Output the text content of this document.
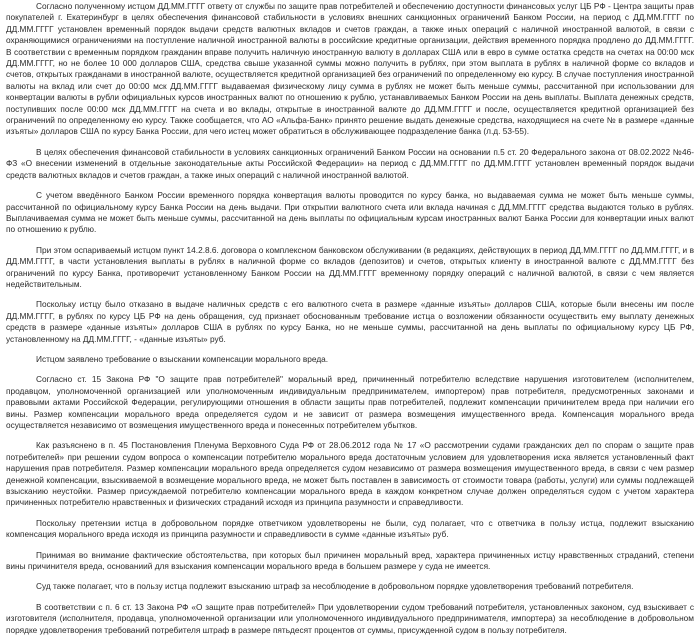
Согласно полученному истцом ДД.ММ.ГГГГ ответу от службы по защите прав потребителей и обеспечению доступности финансовых услуг ЦБ РФ - Центра защиты прав покупателей г. Екатеринбург в целях обеспечения финансовой стабильности в условиях внешних санкционных ограничений Банком России, на период с ДД.ММ.ГГГГ по ДД.ММ.ГГГГ установлен временный порядок выдачи средств валютных вкладов и счетов граждан, а также иных операций с наличной иностранной валютой, в связи с охраняющимися ограничениями на поступление наличной иностранной валюты в российские кредитные организации, действия временного порядка продлено до ДД.ММ.ГГГГ. В соответствии с временным порядком гражданин вправе получить наличную иностранную валюту в долларах США или в евро в сумме остатка средств на счетах на 00:00 мск ДД.ММ.ГГГГ, но не более 10 000 долларов США, средства свыше указанной суммы можно получить в рублях, при этом выплата в рублях в наличной форме со вкладов и счетов, открытых гражданами в иностранной валюте, осуществляется кредитной организацией без ограничений по определенному ею курсу. В случае поступления иностранной валюты на вклад или счет до 00:00 мск ДД.ММ.ГГГГ выдаваемая физическому лицу сумма в рублях не может быть меньше суммы, рассчитанной при использовании для конвертации валюты в рубли официальных курсов иностранных валют по отношению к рублю, устанавливаемых Банком России на день выплаты. Выплата денежных средств, поступивших после 00:00 мск ДД.ММ.ГГГГ на счета и во вклады, открытые в иностранной валюте до ДД.ММ.ГГГГ и после, осуществляется кредитной организацией без ограничений по определенному ею курсу. Также сообщается, что АО «Альфа-Банк» принято решение выдать денежные средства, находящиеся на счете № в размере «данные изъяты» долларов США по курсу Банка России, для чего истец может обратиться в обслуживающее подразделение банка (л.д. 53-55).

В целях обеспечения финансовой стабильности в условиях санкционных ограничений Банком России на основании п.5 ст. 20 Федерального закона от 08.02.2022 №46-ФЗ «О внесении изменений в отдельные законодательные акты Российской Федерации» на период с ДД.ММ.ГГГГ по ДД.ММ.ГГГГ установлен временный порядок выдачи средств валютных вкладов и счетов граждан, а также иных операций с наличной иностранной валютой.

С учетом введённого Банком России временного порядка конвертация валюты проводится по курсу банка, но выдаваемая сумма не может быть меньше суммы, рассчитанной по официальному курсу Банка России на день выдачи. При открытии валютного счета или вклада начиная с ДД.ММ.ГГГГ средства выдаются только в рублях. Выплачиваемая сумма не может быть меньше суммы, рассчитанной на день выплаты по официальным курсам иностранных валют Банка России для конвертации иных валют по отношению к рублю.

При этом оспариваемый истцом пункт 14.2.8.6. договора о комплексном банковском обслуживании (в редакциях, действующих в период ДД.ММ.ГГГГ по ДД.ММ.ГГГГ, и в ДД.ММ.ГГГГ, в части установления выплаты в рублях в наличной форме со вкладов (депозитов) и счетов, открытых клиенту в иностранной валюте с ДД.ММ.ГГГГ без ограничений по курсу Банка, противоречит установленному Банком России на ДД.ММ.ГГГГ временному порядку операций с наличной валютой, в связи с чем является недействительным.

Поскольку истцу было отказано в выдаче наличных средств с его валютного счета в размере «данные изъяты» долларов США, которые были внесены им после ДД.ММ.ГГГГ, в рублях по курсу ЦБ РФ на день обращения, суд признает обоснованным требование истца о возложении обязанности осуществить ему выплату денежных средств в размере «данные изъяты» долларов США в рублях по курсу Банка, но не меньше суммы, рассчитанной на день выплаты по официальному курсу ЦБ РФ, установленному на ДД.ММ.ГГГГ, - «данные изъяты» руб.

Истцом заявлено требование о взыскании компенсации морального вреда.

Согласно ст. 15 Закона РФ "О защите прав потребителей" моральный вред, причиненный потребителю вследствие нарушения изготовителем (исполнителем, продавцом, уполномоченной организацией или уполномоченным индивидуальным предпринимателем, импортером) прав потребителя, предусмотренных законами и правовыми актами Российской Федерации, регулирующими отношения в области защиты прав потребителей, подлежит компенсации причинителем вреда при наличии его вины. Размер компенсации морального вреда определяется судом и не зависит от размера возмещения имущественного вреда. Компенсация морального вреда осуществляется независимо от возмещения имущественного вреда и понесенных потребителем убытков.

Как разъяснено в п. 45 Постановления Пленума Верховного Суда РФ от 28.06.2012 года № 17 «О рассмотрении судами гражданских дел по спорам о защите прав потребителей» при решении судом вопроса о компенсации потребителю морального вреда достаточным условием для удовлетворения иска является установленный факт нарушения прав потребителя. Размер компенсации морального вреда определяется судом независимо от размера возмещения имущественного вреда, в связи с чем размер денежной компенсации, взыскиваемой в возмещение морального вреда, не может быть поставлен в зависимость от стоимости товара (работы, услуги) или суммы подлежащей взысканию неустойки. Размер присуждаемой потребителю компенсации морального вреда в каждом конкретном случае должен определяться судом с учетом характера причиненных потребителю нравственных и физических страданий исходя из принципа разумности и справедливости.

Поскольку претензии истца в добровольном порядке ответчиком удовлетворены не были, суд полагает, что с ответчика в пользу истца, подлежит взысканию компенсация морального вреда исходя из принципа разумности и справедливости в сумме «данные изъяты» руб.

Принимая во внимание фактические обстоятельства, при которых был причинен моральный вред, характера причиненных истцу нравственных страданий, степени вины причинителя вреда, основаниий для взыскания компенсации морального вреда в большем размере у суда не имеется.

Суд также полагает, что в пользу истца подлежит взысканию штраф за несоблюдение в добровольном порядке удовлетворения требований потребителя.

В соответствии с п. 6 ст. 13 Закона РФ «О защите прав потребителей» При удовлетворении судом требований потребителя, установленных законом, суд взыскивает с изготовителя (исполнителя, продавца, уполномоченной организации или уполномоченного индивидуального предпринимателя, импортера) за несоблюдение в добровольном порядке удовлетворения требований потребителя штраф в размере пятьдесят процентов от суммы, присужденной судом в пользу потребителя.
